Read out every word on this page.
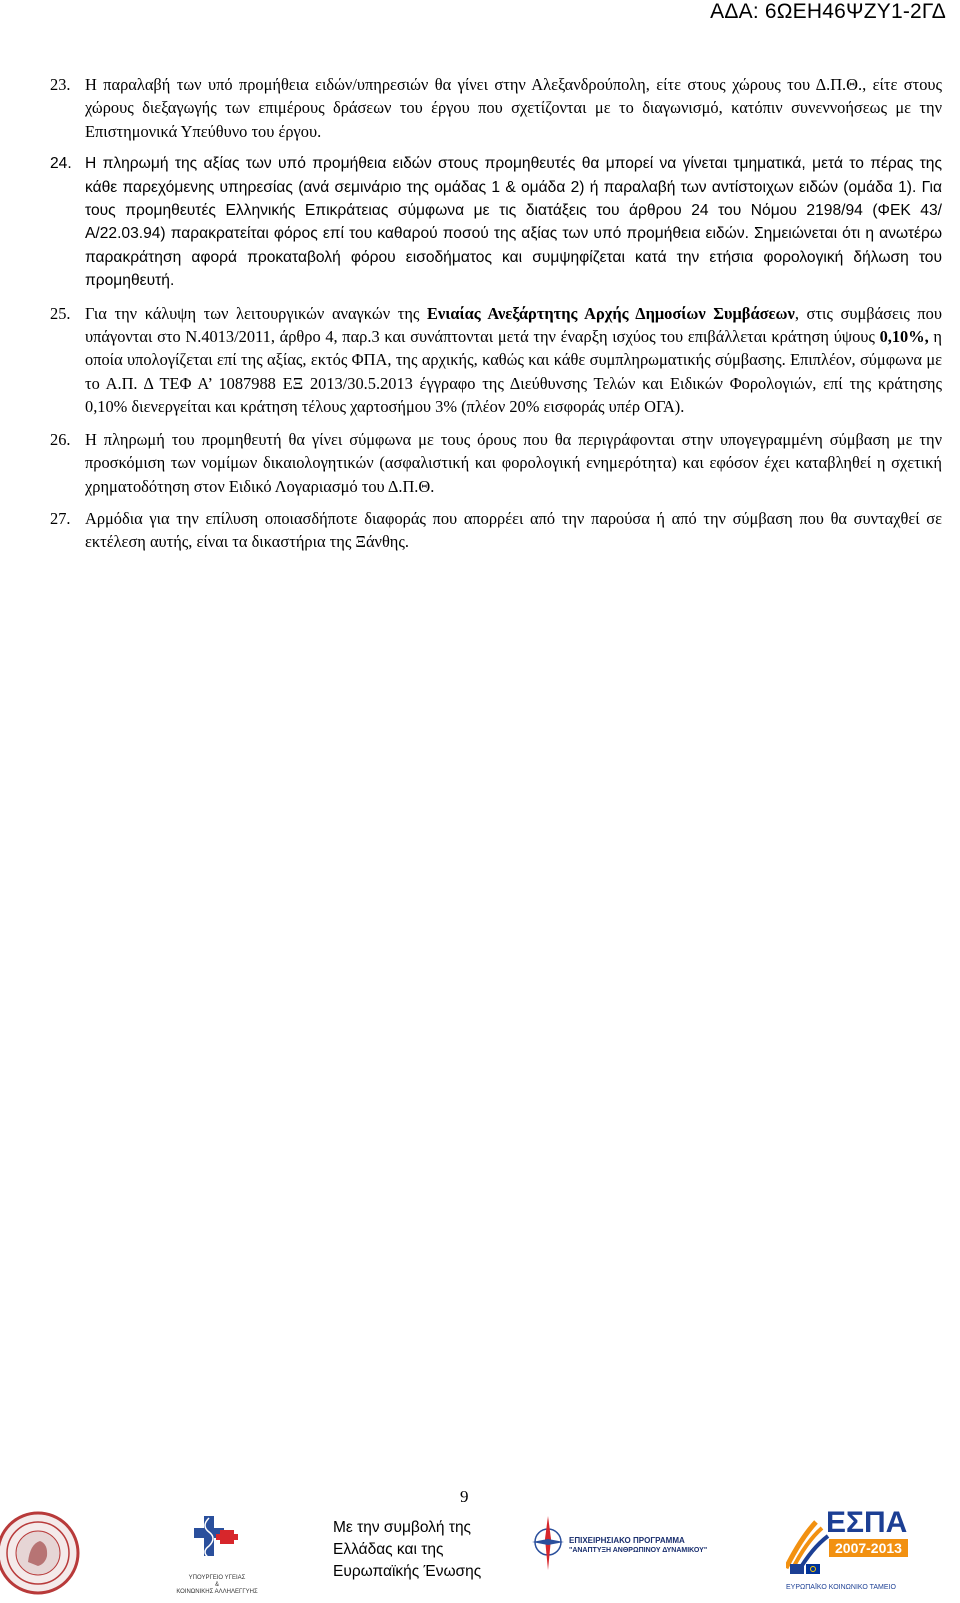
ΑΔΑ: 6ΩΕΗ46ΨΖΥ1-2ΓΔ
23. Η παραλαβή των υπό προμήθεια ειδών/υπηρεσιών θα γίνει στην Αλεξανδρούπολη, είτε στους χώρους του Δ.Π.Θ., είτε στους χώρους διεξαγωγής των επιμέρους δράσεων του έργου που σχετίζονται με το διαγωνισμό, κατόπιν συνεννοήσεως με την Επιστημονικά Υπεύθυνο του έργου.
24. Η πληρωμή της αξίας των υπό προμήθεια ειδών στους προμηθευτές θα μπορεί να γίνεται τμηματικά, μετά το πέρας της κάθε παρεχόμενης υπηρεσίας (ανά σεμινάριο της ομάδας 1 & ομάδα 2) ή παραλαβή των αντίστοιχων ειδών (ομάδα 1). Για τους προμηθευτές Ελληνικής Επικράτειας σύμφωνα με τις διατάξεις του άρθρου 24 του Νόμου 2198/94 (ΦΕΚ 43/Α/22.03.94) παρακρατείται φόρος επί του καθαρού ποσού της αξίας των υπό προμήθεια ειδών. Σημειώνεται ότι η ανωτέρω παρακράτηση αφορά προκαταβολή φόρου εισοδήματος και συμψηφίζεται κατά την ετήσια φορολογική δήλωση του προμηθευτή.
25. Για την κάλυψη των λειτουργικών αναγκών της Ενιαίας Ανεξάρτητης Αρχής Δημοσίων Συμβάσεων, στις συμβάσεις που υπάγονται στο Ν.4013/2011, άρθρο 4, παρ.3 και συνάπτονται μετά την έναρξη ισχύος του επιβάλλεται κράτηση ύψους 0,10%, η οποία υπολογίζεται επί της αξίας, εκτός ΦΠΑ, της αρχικής, καθώς και κάθε συμπληρωματικής σύμβασης. Επιπλέον, σύμφωνα με το Α.Π. Δ ΤΕΦ Α’ 1087988 ΕΞ 2013/30.5.2013 έγγραφο της Διεύθυνσης Τελών και Ειδικών Φορολογιών, επί της κράτησης 0,10% διενεργείται και κράτηση τέλους χαρτοσήμου 3% (πλέον 20% εισφοράς υπέρ ΟΓΑ).
26. Η πληρωμή του προμηθευτή θα γίνει σύμφωνα με τους όρους που θα περιγράφονται στην υπογεγραμμένη σύμβαση με την προσκόμιση των νομίμων δικαιολογητικών (ασφαλιστική και φορολογική ενημερότητα) και εφόσον έχει καταβληθεί η σχετική χρηματοδότηση στον Ειδικό Λογαριασμό του Δ.Π.Θ.
27. Αρμόδια για την επίλυση οποιασδήποτε διαφοράς που απορρέει από την παρούσα ή από την σύμβαση που θα συνταχθεί σε εκτέλεση αυτής, είναι τα δικαστήρια της Ξάνθης.
9
ΥΠΟΥΡΓΕΙΟ ΥΓΕΙΑΣ
&
ΚΟΙΝΩΝΙΚΗΣ ΑΛΛΗΛΕΓΓΥΗΣ
Με την συμβολή της Ελλάδας και της Ευρωπαϊκής Ένωσης
ΕΠΙΧΕΙΡΗΣΙΑΚΟ ΠΡΟΓΡΑΜΜΑ
"ΑΝΑΠΤΥΞΗ ΑΝΘΡΩΠΙΝΟΥ ΔΥΝΑΜΙΚΟΥ"
ΕΣΠΑ
2007-2013
ΕΥΡΩΠΑΪΚΟ ΚΟΙΝΩΝΙΚΟ ΤΑΜΕΙΟ
